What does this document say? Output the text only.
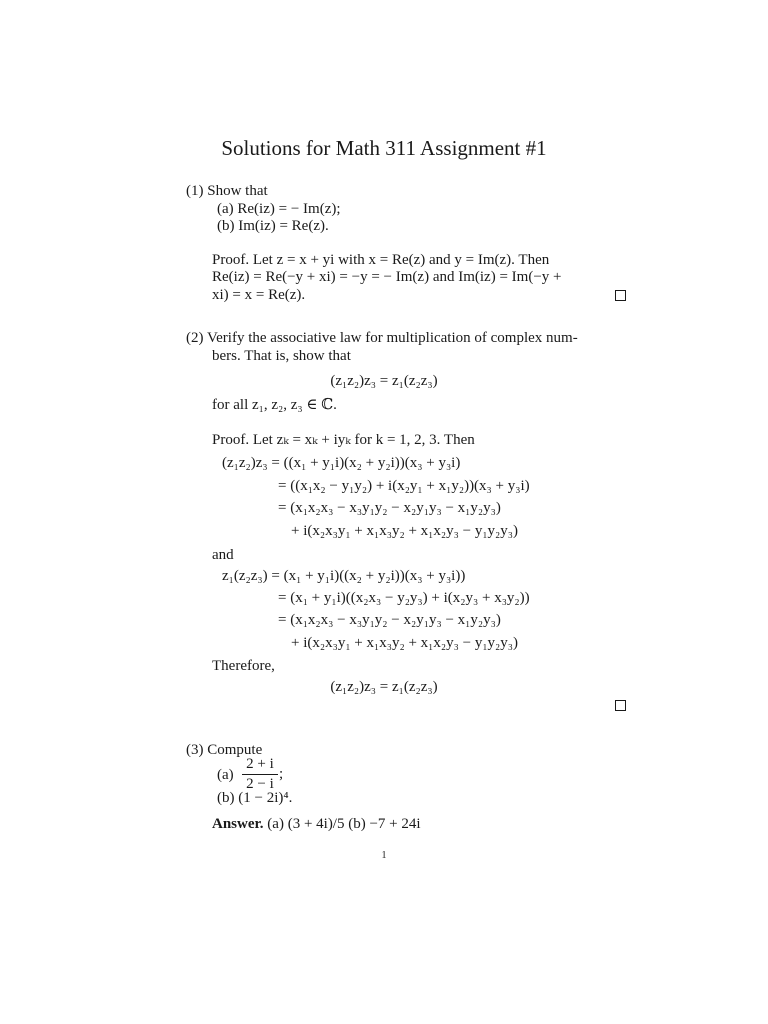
Solutions for Math 311 Assignment #1
(1) Show that
(a) Re(iz) = − Im(z);
(b) Im(iz) = Re(z).
Proof. Let z = x + yi with x = Re(z) and y = Im(z). Then
Re(iz) = Re(−y + xi) = −y = − Im(z) and Im(iz) = Im(−y +
xi) = x = Re(z).
(2) Verify the associative law for multiplication of complex num-
bers. That is, show that
(z₁z₂)z₃ = z₁(z₂z₃)
for all z₁, z₂, z₃ ∈ ℂ.
Proof. Let zₖ = xₖ + iyₖ for k = 1, 2, 3. Then
(z₁z₂)z₃ = ((x₁ + y₁i)(x₂ + y₂i))(x₃ + y₃i)
= ((x₁x₂ − y₁y₂) + i(x₂y₁ + x₁y₂))(x₃ + y₃i)
= (x₁x₂x₃ − x₃y₁y₂ − x₂y₁y₃ − x₁y₂y₃)
+ i(x₂x₃y₁ + x₁x₃y₂ + x₁x₂y₃ − y₁y₂y₃)
and
z₁(z₂z₃) = (x₁ + y₁i)((x₂ + y₂i))(x₃ + y₃i))
= (x₁ + y₁i)((x₂x₃ − y₂y₃) + i(x₂y₃ + x₃y₂))
= (x₁x₂x₃ − x₃y₁y₂ − x₂y₁y₃ − x₁y₂y₃)
+ i(x₂x₃y₁ + x₁x₃y₂ + x₁x₂y₃ − y₁y₂y₃)
Therefore,
(z₁z₂)z₃ = z₁(z₂z₃)
(3) Compute
$(a) \frac{2 + i}{2 - i}$ ;
(b) (1 − 2i)⁴.
Answer. (a) (3 + 4i)/5 (b) −7 + 24i
1
